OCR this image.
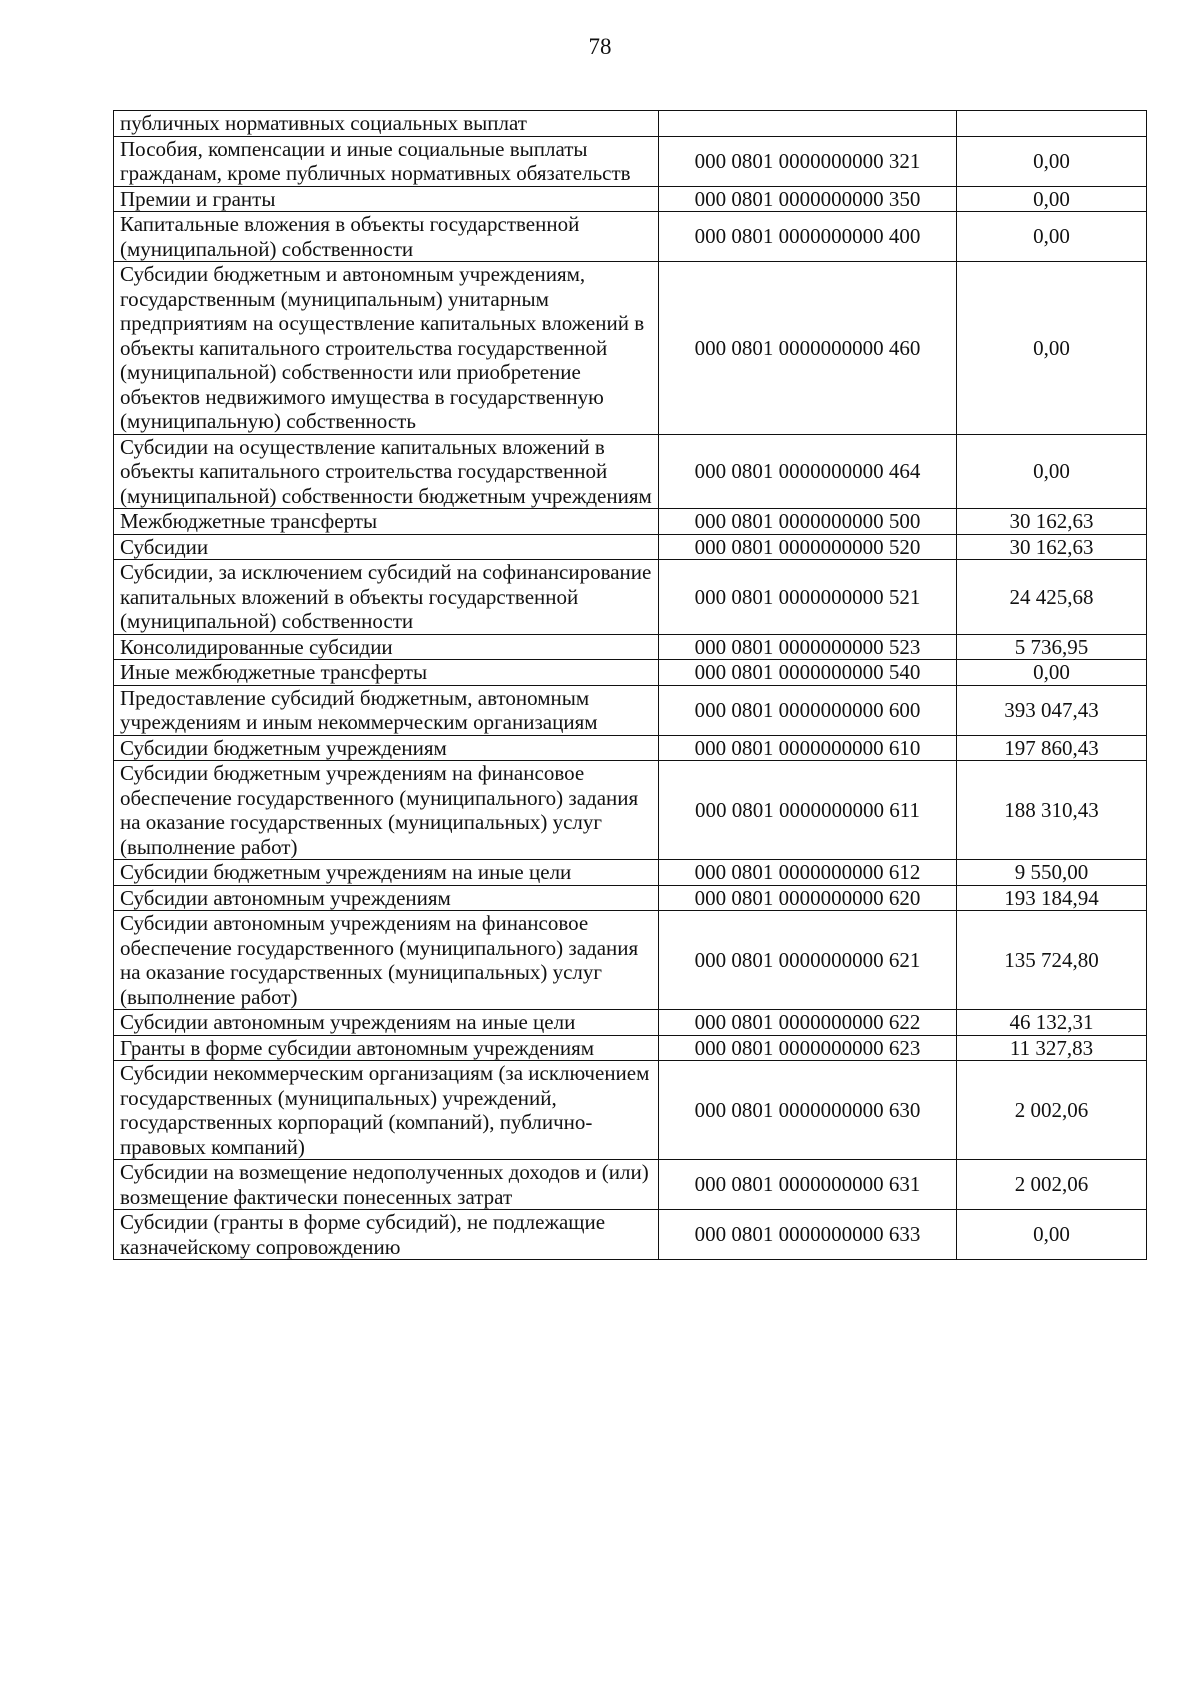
78
публичных нормативных социальных выплат		
Пособия, компенсации и иные социальные выплаты гражданам, кроме публичных нормативных обязательств	000 0801 0000000000 321	0,00
Премии и гранты	000 0801 0000000000 350	0,00
Капитальные вложения в объекты государственной (муниципальной) собственности	000 0801 0000000000 400	0,00
Субсидии бюджетным и автономным учреждениям, государственным (муниципальным) унитарным предприятиям на осуществление капитальных вложений в объекты капитального строительства государственной (муниципальной) собственности или приобретение объектов недвижимого имущества в государственную (муниципальную) собственность	000 0801 0000000000 460	0,00
Субсидии на осуществление капитальных вложений в объекты капитального строительства государственной (муниципальной) собственности бюджетным учреждениям	000 0801 0000000000 464	0,00
Межбюджетные трансферты	000 0801 0000000000 500	30 162,63
Субсидии	000 0801 0000000000 520	30 162,63
Субсидии, за исключением субсидий на софинансирование капитальных вложений в объекты государственной (муниципальной) собственности	000 0801 0000000000 521	24 425,68
Консолидированные субсидии	000 0801 0000000000 523	5 736,95
Иные межбюджетные трансферты	000 0801 0000000000 540	0,00
Предоставление субсидий бюджетным, автономным учреждениям и иным некоммерческим организациям	000 0801 0000000000 600	393 047,43
Субсидии бюджетным учреждениям	000 0801 0000000000 610	197 860,43
Субсидии бюджетным учреждениям на финансовое обеспечение государственного (муниципального) задания на оказание государственных (муниципальных) услуг (выполнение работ)	000 0801 0000000000 611	188 310,43
Субсидии бюджетным учреждениям на иные цели	000 0801 0000000000 612	9 550,00
Субсидии автономным учреждениям	000 0801 0000000000 620	193 184,94
Субсидии автономным учреждениям на финансовое обеспечение государственного (муниципального) задания на оказание государственных (муниципальных) услуг (выполнение работ)	000 0801 0000000000 621	135 724,80
Субсидии автономным учреждениям на иные цели	000 0801 0000000000 622	46 132,31
Гранты в форме субсидии автономным учреждениям	000 0801 0000000000 623	11 327,83
Субсидии некоммерческим организациям (за исключением государственных (муниципальных) учреждений, государственных корпораций (компаний), публично-правовых компаний)	000 0801 0000000000 630	2 002,06
Субсидии на возмещение недополученных доходов и (или) возмещение фактически понесенных затрат	000 0801 0000000000 631	2 002,06
Субсидии (гранты в форме субсидий), не подлежащие казначейскому сопровождению	000 0801 0000000000 633	0,00
